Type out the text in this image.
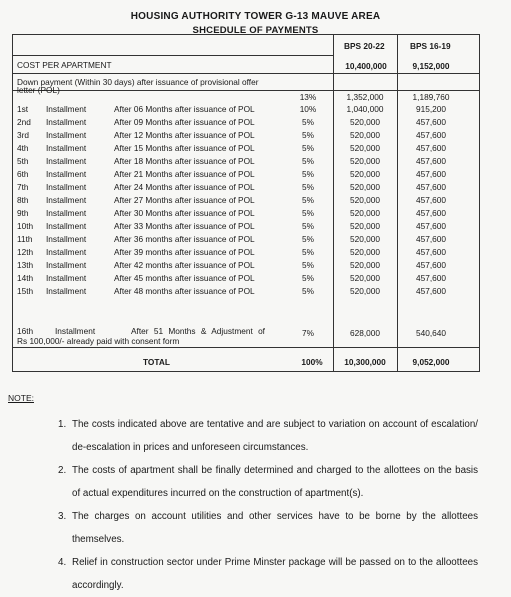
HOUSING AUTHORITY TOWER G-13 MAUVE AREA
SHCEDULE OF PAYMENTS
BPS 20-22	BPS 16-19
COST PER APARTMENT	10,400,000	9,152,000
Down payment (Within 30 days) after issuance of provisional offer
letter (POL)
13%	1,352,000	1,189,760
1st Installment	After 06 Months after issuance of POL	10%	1,040,000	915,200
2nd Installment	After 09 Months after issuance of POL	5%	520,000	457,600
3rd Installment	After 12 Months after issuance of POL	5%	520,000	457,600
4th Installment	After 15 Months after issuance of POL	5%	520,000	457,600
5th Installment	After 18 Months after issuance of POL	5%	520,000	457,600
6th Installment	After 21 Months after issuance of POL	5%	520,000	457,600
7th Installment	After 24 Months after issuance of POL	5%	520,000	457,600
8th Installment	After 27 Months after issuance of POL	5%	520,000	457,600
9th Installment	After 30 Months after issuance of POL	5%	520,000	457,600
10th Installment	After 33 Months after issuance of POL	5%	520,000	457,600
11th Installment	After 36 months after issuance of POL	5%	520,000	457,600
12th Installment	After 39 months after issuance of POL	5%	520,000	457,600
13th Installment	After 42 months after issuance of POL	5%	520,000	457,600
14th Installment	After 45 months after issuance of POL	5%	520,000	457,600
15th Installment	After 48 months after issuance of POL	5%	520,000	457,600
16th	Installment	After 51 Months & Adjustment of
Rs 100,000/- already paid with consent form
7%	628,000	540,640
TOTAL	100%	10,300,000	9,052,000
NOTE:
1. The costs indicated above are tentative and are subject to variation on account of escalation/ de-escalation in prices and unforeseen circumstances.
2. The costs of apartment shall be finally determined and charged to the allottees on the basis of actual expenditures incurred on the construction of apartment(s).
3. The charges on account utilities and other services have to be borne by the allottees themselves.
4. Relief in construction sector under Prime Minster package will be passed on to the alloottees accordingly.
